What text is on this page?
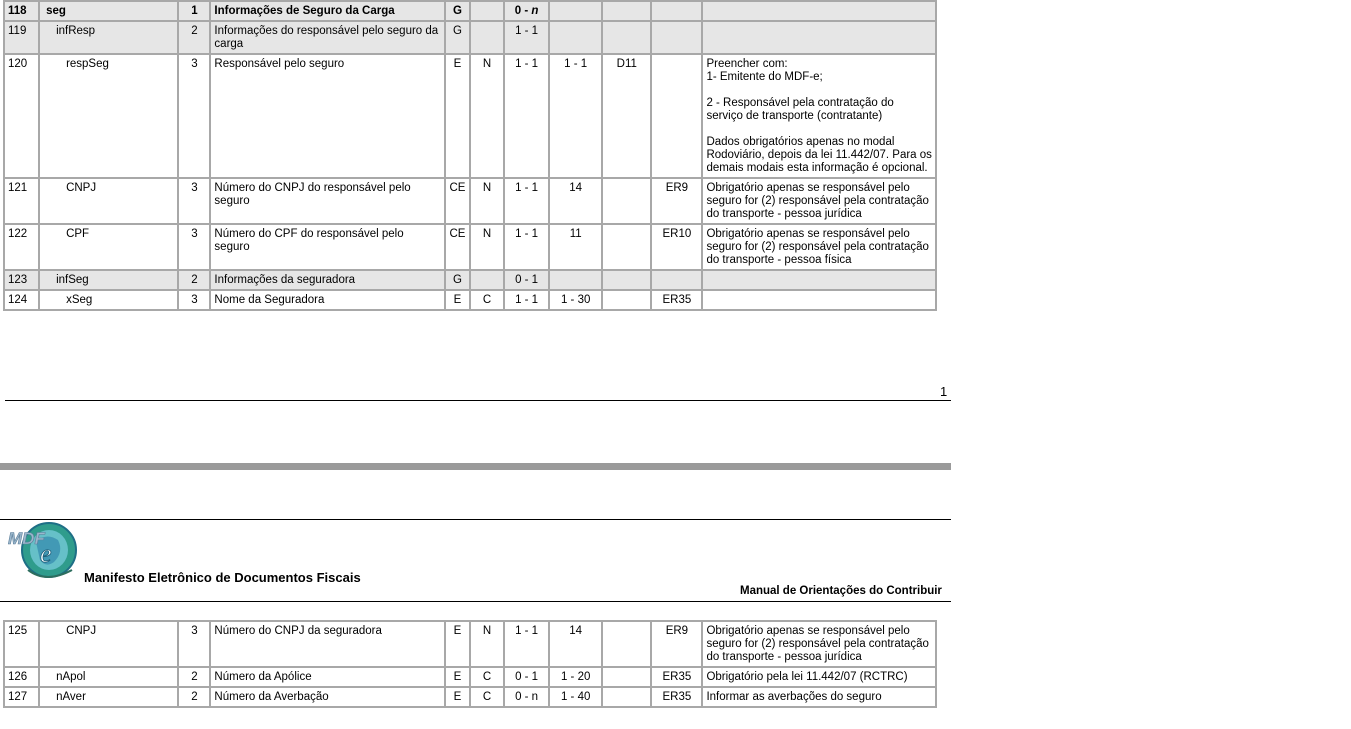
118	seg	1	Informações de Seguro da Carga	G		0 - n				
119	infResp	2	Informações do responsável pelo seguro da carga	G		1 - 1				
120	respSeg	3	Responsável pelo seguro	E	N	1 - 1	1 - 1	D11		Preencher com:
1- Emitente do MDF-e;
2 - Responsável pela contratação do serviço de transporte (contratante)
Dados obrigatórios apenas no modal Rodoviário, depois da lei 11.442/07. Para os demais modais esta informação é opcional.

121	CNPJ	3	Número do CNPJ do responsável pelo seguro	CE	N	1 - 1	14		ER9	Obrigatório apenas se responsável pelo seguro for (2) responsável pela contratação do transporte - pessoa jurídica

122	CPF	3	Número do CPF do responsável pelo seguro	CE	N	1 - 1	11		ER10	Obrigatório apenas se responsável pelo seguro for (2) responsável pela contratação do transporte - pessoa física

123	infSeg	2	Informações da seguradora	G		0 - 1				
124	xSeg	3	Nome da Seguradora	E	C	1 - 1	1 - 30		ER35	
1
MDF
e
Manifesto Eletrônico de Documentos Fiscais
Manual de Orientações do Contribuir
125	CNPJ	3	Número do CNPJ da seguradora	E	N	1 - 1	14		ER9	Obrigatório apenas se responsável pelo seguro for (2) responsável pela contratação do transporte - pessoa jurídica

126	nApol	2	Número da Apólice	E	C	0 - 1	1 - 20		ER35	Obrigatório pela lei 11.442/07 (RCTRC)

127	nAver	2	Número da Averbação	E	C	0 - n	1 - 40		ER35	Informar as averbações do seguro
